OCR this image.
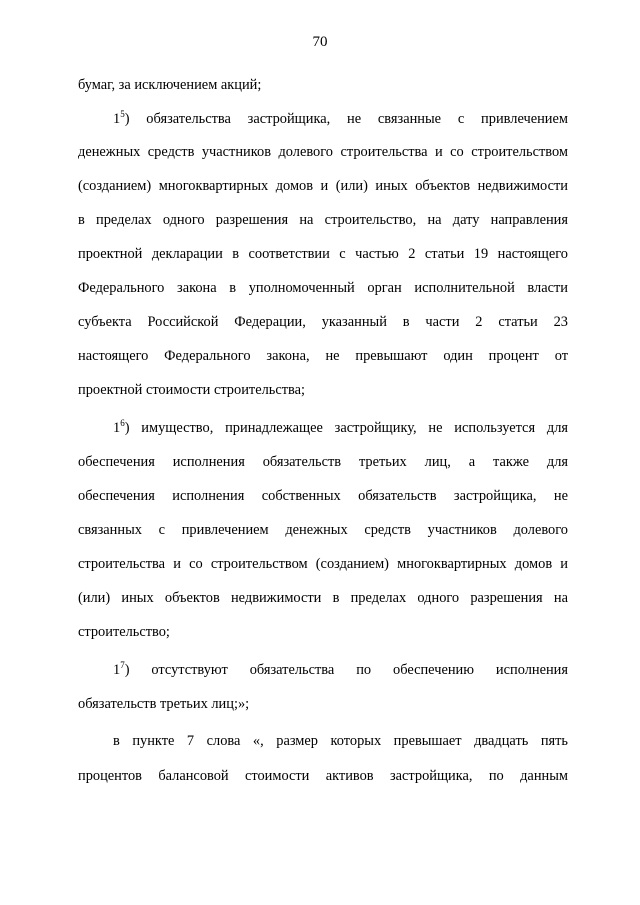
70
бумаг, за исключением акций;
$1^5$) обязательства застройщика, не связанные с привлечением
денежных средств участников долевого строительства и со строительством
(созданием) многоквартирных домов и (или) иных объектов недвижимости
в пределах одного разрешения на строительство, на дату направления
проектной декларации в соответствии с частью 2 статьи 19 настоящего
Федерального закона в уполномоченный орган исполнительной власти
субъекта Российской Федерации, указанный в части 2 статьи 23
настоящего Федерального закона, не превышают один процент от
проектной стоимости строительства;
$1^6$) имущество, принадлежащее застройщику, не используется для
обеспечения исполнения обязательств третьих лиц, а также для
обеспечения исполнения собственных обязательств застройщика, не
связанных с привлечением денежных средств участников долевого
строительства и со строительством (созданием) многоквартирных домов и
(или) иных объектов недвижимости в пределах одного разрешения на
строительство;
$1^7$) отсутствуют обязательства по обеспечению исполнения
обязательств третьих лиц;»;
в пункте 7 слова «, размер которых превышает двадцать пять
процентов балансовой стоимости активов застройщика, по данным
